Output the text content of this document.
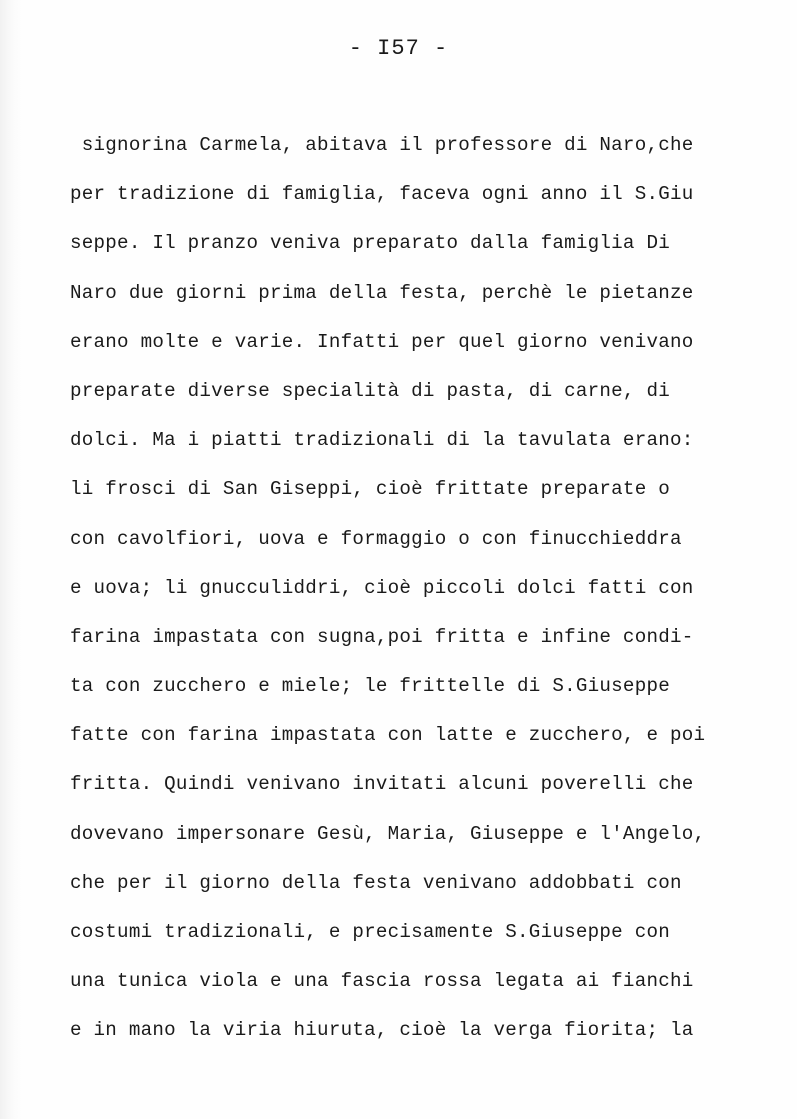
- I57 -
signorina Carmela, abitava il professore di Naro,che
per tradizione di famiglia, faceva ogni anno il S.Giu
seppe. Il pranzo veniva preparato dalla famiglia Di
Naro due giorni prima della festa, perchè le pietanze
erano molte e varie. Infatti per quel giorno venivano
preparate diverse specialità di pasta, di carne, di
dolci. Ma i piatti tradizionali di la tavulata erano:
li frosci di San Giseppi, cioè frittate preparate o
con cavolfiori, uova e formaggio o con finucchieddra
e uova; li gnucculiddri, cioè piccoli dolci fatti con
farina impastata con sugna,poi fritta e infine condi-
ta con zucchero e miele; le frittelle di S.Giuseppe
fatte con farina impastata con latte e zucchero, e poi
fritta. Quindi venivano invitati alcuni poverelli che
dovevano impersonare Gesù, Maria, Giuseppe e l'Angelo,
che per il giorno della festa venivano addobbati con
costumi tradizionali, e precisamente S.Giuseppe con
una tunica viola e una fascia rossa legata ai fianchi
e in mano la viria hiuruta, cioè la verga fiorita; la
